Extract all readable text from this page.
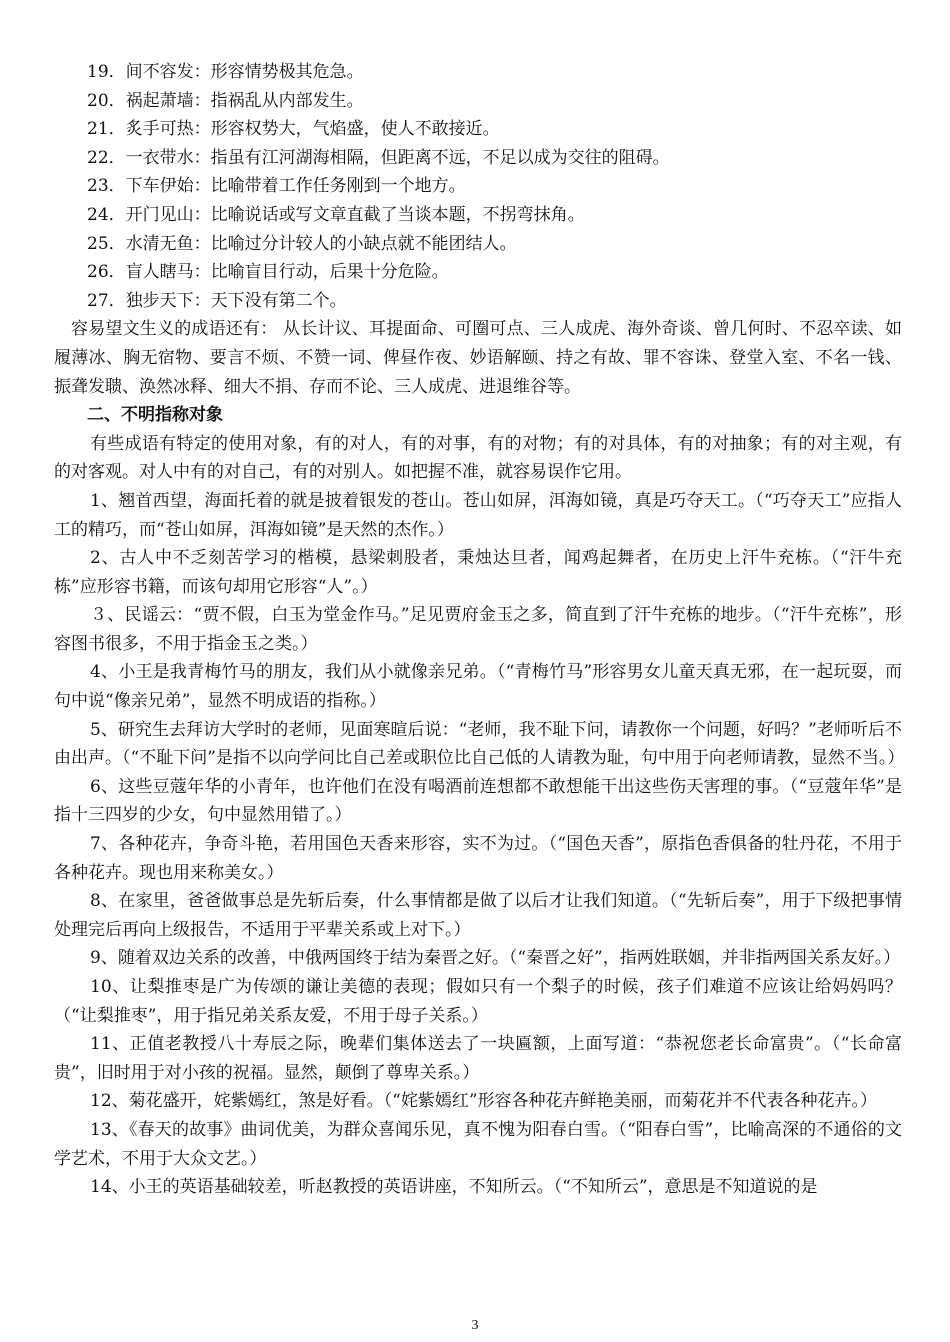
19．间不容发：形容情势极其危急。
20．祸起萧墙：指祸乱从内部发生。
21．炙手可热：形容权势大，气焰盛，使人不敢接近。
22．一衣带水：指虽有江河湖海相隔，但距离不远，不足以成为交往的阻碍。
23．下车伊始：比喻带着工作任务刚到一个地方。
24．开门见山：比喻说话或写文章直截了当谈本题，不拐弯抹角。
25．水清无鱼：比喻过分计较人的小缺点就不能团结人。
26．盲人瞎马：比喻盲目行动，后果十分危险。
27．独步天下：天下没有第二个。

容易望文生义的成语还有： 从长计议、耳提面命、可圈可点、三人成虎、海外奇谈、曾几何时、不忍卒读、如履薄冰、胸无宿物、要言不烦、不赞一词、俾昼作夜、妙语解颐、持之有故、罪不容诛、登堂入室、不名一钱、振聋发聩、涣然冰释、细大不捐、存而不论、三人成虎、进退维谷等。

二、不明指称对象

有些成语有特定的使用对象，有的对人，有的对事，有的对物；有的对具体，有的对抽象；有的对主观，有的对客观。对人中有的对自己，有的对别人。如把握不准，就容易误作它用。

1、翘首西望，海面托着的就是披着银发的苍山。苍山如屏，洱海如镜，真是巧夺天工。（“巧夺天工”应指人工的精巧，而“苍山如屏，洱海如镜”是天然的杰作。）

2、古人中不乏刻苦学习的楷模，悬梁刺股者，秉烛达旦者，闻鸡起舞者，在历史上汗牛充栋。（“汗牛充栋”应形容书籍，而该句却用它形容“人”。）

３、民谣云：“贾不假，白玉为堂金作马。”足见贾府金玉之多，简直到了汗牛充栋的地步。（“汗牛充栋”，形容图书很多，不用于指金玉之类。）

4、小王是我青梅竹马的朋友，我们从小就像亲兄弟。（“青梅竹马”形容男女儿童天真无邪，在一起玩耍，而句中说“像亲兄弟”，显然不明成语的指称。）

5、研究生去拜访大学时的老师，见面寒暄后说：“老师，我不耻下问，请教你一个问题，好吗？”老师听后不由出声。（“不耻下问”是指不以向学问比自己差或职位比自己低的人请教为耻，句中用于向老师请教，显然不当。）

6、这些豆蔻年华的小青年，也许他们在没有喝酒前连想都不敢想能干出这些伤天害理的事。（“豆蔻年华”是指十三四岁的少女，句中显然用错了。）

7、各种花卉，争奇斗艳，若用国色天香来形容，实不为过。（“国色天香”，原指色香俱备的牡丹花，不用于各种花卉。现也用来称美女。）

8、在家里，爸爸做事总是先斩后奏，什么事情都是做了以后才让我们知道。（“先斩后奏”，用于下级把事情处理完后再向上级报告，不适用于平辈关系或上对下。）

9、随着双边关系的改善，中俄两国终于结为秦晋之好。（“秦晋之好”，指两姓联姻，并非指两国关系友好。）

10、让梨推枣是广为传颂的谦让美德的表现；假如只有一个梨子的时候，孩子们难道不应该让给妈妈吗？（“让梨推枣”，用于指兄弟关系友爱，不用于母子关系。）

11、正值老教授八十寿辰之际，晚辈们集体送去了一块匾额，上面写道：“恭祝您老长命富贵”。（“长命富贵”，旧时用于对小孩的祝福。显然，颠倒了尊卑关系。）

12、菊花盛开，姹紫嫣红，煞是好看。（“姹紫嫣红”形容各种花卉鲜艳美丽，而菊花并不代表各种花卉。）

13、《春天的故事》曲词优美，为群众喜闻乐见，真不愧为阳春白雪。（“阳春白雪”，比喻高深的不通俗的文学艺术，不用于大众文艺。）

14、小王的英语基础较差，听赵教授的英语讲座，不知所云。（“不知所云”，意思是不知道说的是

3
